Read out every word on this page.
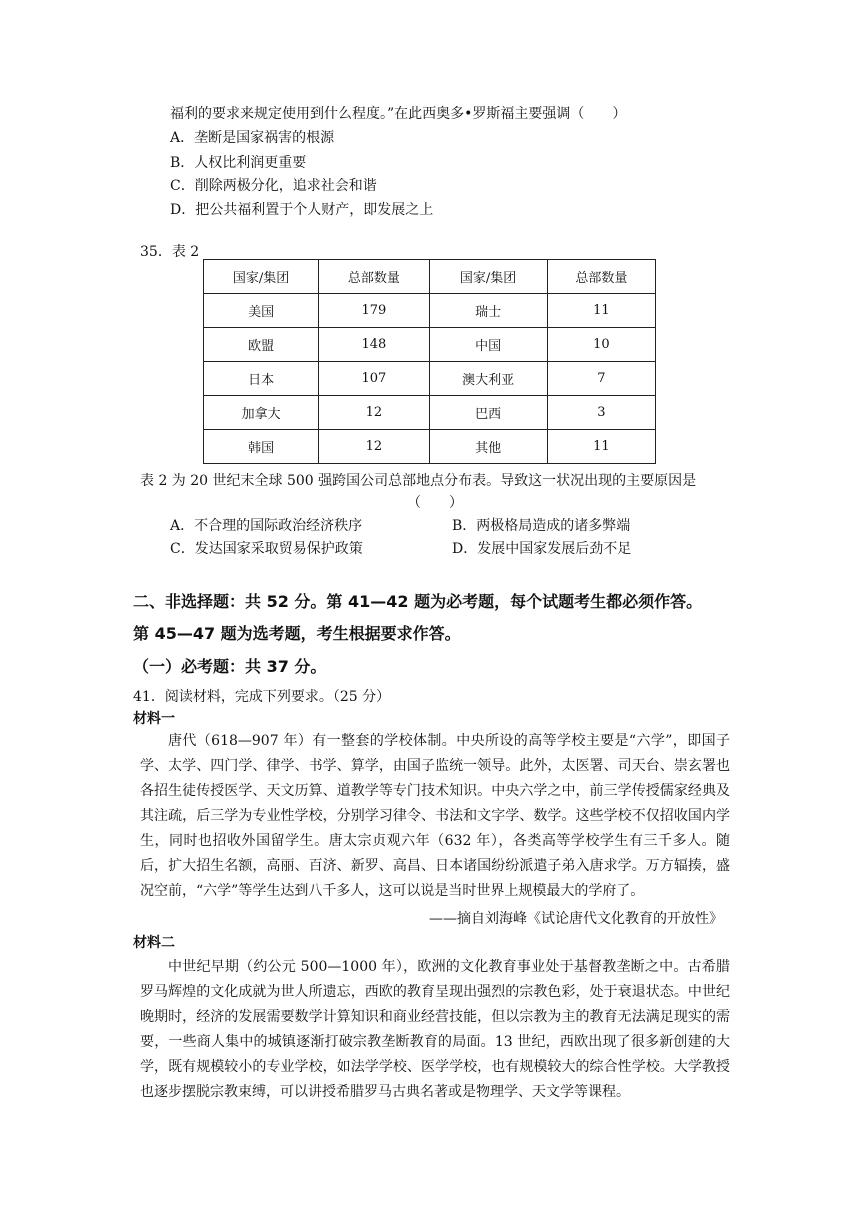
福利的要求来规定使用到什么程度。”在此西奥多•罗斯福主要强调（　　）
A．垄断是国家祸害的根源
B．人权比利润更重要
C．削除两极分化，追求社会和谐
D．把公共福利置于个人财产，即发展之上
35．表 2
国家/集团	总部数量	国家/集团	总部数量
美国	179	瑞士	11
欧盟	148	中国	10
日本	107	澳大利亚	7
加拿大	12	巴西	3
韩国	12	其他	11
表 2 为 20 世纪末全球 500 强跨国公司总部地点分布表。导致这一状况出现的主要原因是
（　　）
A．不合理的国际政治经济秩序	B．两极格局造成的诸多弊端
C．发达国家采取贸易保护政策	D．发展中国家发展后劲不足
二、非选择题：共 52 分。第 41—42 题为必考题，每个试题考生都必须作答。
第 45—47 题为选考题，考生根据要求作答。
（一）必考题：共 37 分。
41．阅读材料，完成下列要求。（25 分）
材料一

唐代（618—907 年）有一整套的学校体制。中央所设的高等学校主要是“六学”，即国子学、太学、四门学、律学、书学、算学，由国子监统一领导。此外，太医署、司天台、崇玄署也各招生徒传授医学、天文历算、道教学等专门技术知识。中央六学之中，前三学传授儒家经典及其注疏，后三学为专业性学校，分别学习律令、书法和文字学、数学。这些学校不仅招收国内学生，同时也招收外国留学生。唐太宗贞观六年（632 年），各类高等学校学生有三千多人。随后，扩大招生名额，高丽、百济、新罗、高昌、日本诸国纷纷派遣子弟入唐求学。万方辐揍，盛况空前，“六学”等学生达到八千多人，这可以说是当时世界上规模最大的学府了。

——摘自刘海峰《试论唐代文化教育的开放性》
材料二

中世纪早期（约公元 500—1000 年），欧洲的文化教育事业处于基督教垄断之中。古希腊罗马辉煌的文化成就为世人所遗忘，西欧的教育呈现出强烈的宗教色彩，处于衰退状态。中世纪晚期时，经济的发展需要数学计算知识和商业经营技能，但以宗教为主的教育无法满足现实的需要，一些商人集中的城镇逐渐打破宗教垄断教育的局面。13 世纪，西欧出现了很多新创建的大学，既有规模较小的专业学校，如法学学校、医学学校，也有规模较大的综合性学校。大学教授也逐步摆脱宗教束缚，可以讲授希腊罗马古典名著或是物理学、天文学等课程。
